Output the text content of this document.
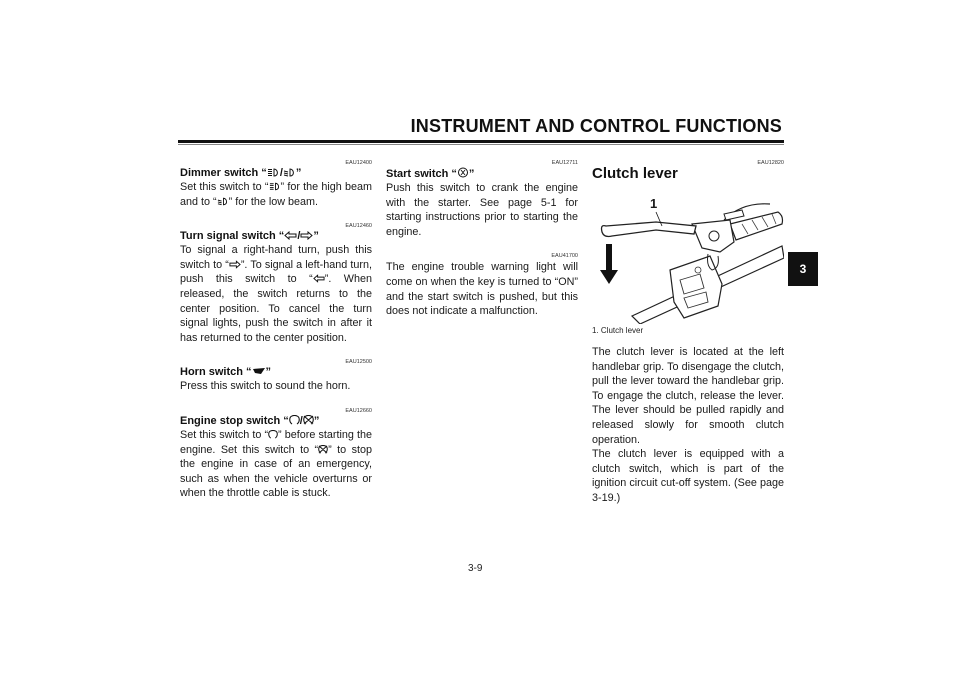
INSTRUMENT AND CONTROL FUNCTIONS
3
EAU12400
Dimmer switch “ / ”
Set this switch to “ ” for the high beam and to “ ” for the low beam.
EAU12460
Turn signal switch “ / ”
To signal a right-hand turn, push this switch to “ ”. To signal a left-hand turn, push this switch to “ ”. When released, the switch returns to the center position. To cancel the turn signal lights, push the switch in after it has returned to the center position.
EAU12500
Horn switch “ ”
Press this switch to sound the horn.
EAU12660
Engine stop switch “ / ”
Set this switch to “ ” before starting the engine. Set this switch to “ ” to stop the engine in case of an emergency, such as when the vehicle overturns or when the throttle cable is stuck.
EAU12711
Start switch “ ”
Push this switch to crank the engine with the starter. See page 5-1 for starting instructions prior to starting the engine.
EAU41700
The engine trouble warning light will come on when the key is turned to “ON” and the start switch is pushed, but this does not indicate a malfunction.
EAU12820
Clutch lever
1
1. Clutch lever
The clutch lever is located at the left handlebar grip. To disengage the clutch, pull the lever toward the handlebar grip. To engage the clutch, release the lever. The lever should be pulled rapidly and released slowly for smooth clutch operation.
The clutch lever is equipped with a clutch switch, which is part of the ignition circuit cut-off system. (See page 3-19.)
3-9
